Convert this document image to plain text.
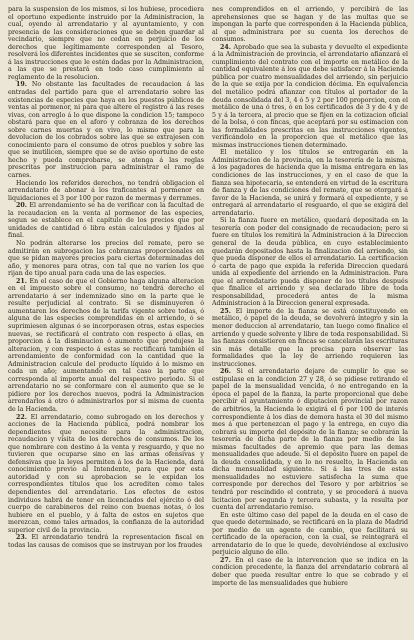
para la suspension de los mismos, si los hubiese, procediera el oportuno expediente instruido por la Administracion, la cual, oyendo al arrendatario y al ayuntamiento, y con presencia de las consideraciones que se deben guardar al vecindario, siempre que no cedan en perjuicio de los derechos que legítimamente corresponden al Tesoro, resolverá los diferentes incidentes que se susciten, conforme á las instrucciones que le estén dadas por la Administracion, a las que se prestará en todo caso cumplimiento al reglamento de la resolucion.

19. No obstante las facultades de recaudacion á las entradas del partido para que el arrendatario sobre las existencias de especies que haya en los puestos públicos de ventas al pormenor, ni para que altere el registro á las reses vivas, con arreglo á lo que dispone la condicion 15; tampoco obstará para que en el aforo y cobranza de los derechos sobre carnes muertas y en vivo, lo mismo que para la devolucion de los cobrados sobre las que se extrajesen con conocimiento para el consumo de otros pueblos y sobre las que se inutilicen, siempre que se de aviso oportuno de este hecho y pueda comprobarse, se atenga á las reglas prescritas por instruccion para administrar el ramo de carnes.

Haciendo los referidos derechos, no tendrá obligacion el arrendatario de abonar á los traficantes al pormenor en liquidaciones el 3 por 100 por razon de mermas y derrames.

20. El arrendamiento se ha de verificar con la facultad de la recaudacion en la venta al pormenor de las especies, segun se establece en el capítulo de los precios que por unidades de cantidad ó libra están calculados y fijados al final.

No podrán alterarse los precios del remate, pero se admitirán en subrogacion las cobranzas proporcionales en que se pidan mayores precios para ciertas determinadas del año, y menores para otras, con tal que no varíen los que rijan de tipo anual para cada una de las especies.

21. En el caso de que el Gobierno haga alguna alteracion en el impuesto sobre el consumo, no tendrá derecho el arrendatario á ser indemnizado sino en la parte que le resulte perjudicial al contrato. Si se disminuyeren ó aumentaren los derechos de la tarifa vigente sobre todas, ó alguna de las especies comprendidas en el arriendo, ó se suprimiesen algunas ó se incorporasen otras, estas especies nuevas, se rectificará el contrato con respecto á ellas, en proporcion á la disminucion ó aumento que produjese la alteracion, y con respecto á estas se rectificará también el arrendamiento de conformidad con la cantidad que la Administracion calcule del producto líquido á lo mismo en cada un año; aumentando en tal caso la parte que corresponda al importe anual del respectivo periodo. Si el arrendatario no se conformare con el aumento que se le pidiere por los derechos nuevos, podrá la Administracion arrendarlos á otro ó administrarlos por sí misma de cuenta de la Hacienda.

22. El arrendatario, como subrogado en los derechos y acciones de la Hacienda pública, podrá nombrar los dependientes que necesite para la administracion, recaudacion y visita de los derechos de consumos. De los que nombrare con destino á la venta y resguardo, y que no tuvieren que ocuparse sino en las armas ofensivas y defensivas que la leyes permiten á los de la Hacienda, dará conocimiento previo al Intendente, para que por esta autoridad y con su aprobacion se le expidan los correspondientes títulos que los acrediten como tales dependientes del arrendatario. Los efectos de estos individuos habrá de tener en licenciados del ejército ó del cuerpo de carabineros del reino con buenas notas, ó los hubiere en el pueblo, y á falta de estos en sujetos que merezcan, como tales armados, la confianza de la autoridad superior civil de la provincia.

23. El arrendatario tendrá la representacion fiscal en todas las causas de comisos que se instruyan por los fraudes

nes comprendidos en el arriendo, y percibirá de las aprehensiones que se hagan y de las multas que se impongan la parte que corresponden á la Hacienda pública, al que administrara por su cuenta los derechos de consumos.

24. Aprobado que sea la subasta y devuelto el expediente á la Administracion de provincia, el arrendatario afianzará el cumplimiento del contrato con el importe en metálico de la cantidad equivalente á los que debe satisfacer á la Hacienda pública por cuatro mensualidades del arriendo, sin perjuicio de la que se exija por la condicion décima. En equivalencia del metálico podrá afianzar con títulos al portador de la deuda consolidada del 3, 4 ó 5 y 2 por 100 proporcion, con el metálico de una ó tres, ó en los certificados de 3 y de 4 y de 5 y á la tercera, al precio que se fijen en la cotizacion oficial de la bolsa, ó con fincas, que aceptará por su estimacion con las formalidades prescritas en las instrucciones vigentes, verificándolo en la proporcion que el metálico que las mismas instrucciones tienen determinado.

El metálico y los títulos se entregarán en la Administracion de la provincia, en la tesorería de la misma, á los pagadores de hacienda que la misma entregara en las condiciones de las instrucciones, y en el caso de que la fianza sea hipotecaria, se entenderá en virtud de la escritura de fianza y de las condiciones del remate, que se otorgará á favor de la Hacienda, se unirá y formará el expediente, y se entregará al arrendatario el resguardo, el que se exigirá del arrendatario.

Si la fianza fuere en metálico, quedará depositada en la tesorería con poder del consignado de recaudacion; pero si fuere en títulos los remitirá la Administracion á la Direccion general de la deuda pública, en cuyo establecimiento quedarán depositados hasta la finalizacion del arriendo, sin que pueda disponer de ellos el arrendatario. La certificacion ó carta de pago que expida la referida Direccion quedará unida al expediente del arriendo en la Administracion. Para que el arrendatario pueda disponer de los títulos después que finalice el arriendo y sea declarado libre de toda responsabilidad, procederá antes de la misma Administracion á la Direccion general expresada.

25. El importe de la fianza se está constituyendo en metálico, ó papel de la deuda, se devolverá íntegro y sin la menor deduccion al arrendatario, tan luego como finalice el arriendo y quede solvente y libre de toda responsabilidad. Si las fianzas consistieren en fincas se cancelarán las escrituras sin más detalle que la precisa para observar las formalidades que la ley de arriendo requieren las instrucciones.

26. Si el arrendatario dejare de cumplir lo que se estipulase en la condicion 27 y 28, ó se pidiese retirando el papel de la mensualidad vencida, ó no entregando en la época el papel de la fianza, la parte proporcional que debe percibir el ayuntamiento ó diputacion provincial por razon de arbitrios, la Hacienda le exigirá el 6 por 100 de interés correspondiente á los dias de demora hasta el 30 del mismo mes á que pertenezcan el pago y la entrega, en cuyo dia cobrará su importe del depósito de la fianza; se cobrarán la tesorería de dicha parte de la fianza por medio de las mismas facultades de apremio que para las demas mensualidades que adeude. Si el depósito fuere en papel de la deuda consolidada, y en lo no resuelto, la Hacienda en dicha mensualidad siguiente. Si á las tres de estas mensualidades no estuviere satisfecha la suma que corresponde por derechos del Tesoro y por arbitrios se tendrá por rescindido el contrato, y se procederá á nueva licitacion por segunda y tercera subasta, y la resulta por cuenta del arrendatario remiso.

En este último caso del papel de la deuda en el caso de que quede determinado, se rectificará en la plaza de Madrid por medio de un agente de cambio, que facilitará su certificado de la operacion, con la cual, se reintegrará el arrendatario de lo que le quede, devolviéndose al exclusivo perjuicio alguno de ello.

27. En el caso de la intervencion que se indica en la condicion precedente, la fianza del arrendatario cobrará al deber que pueda resultar entre lo que se cobrado y el importe de las mensualidades que hubiere
